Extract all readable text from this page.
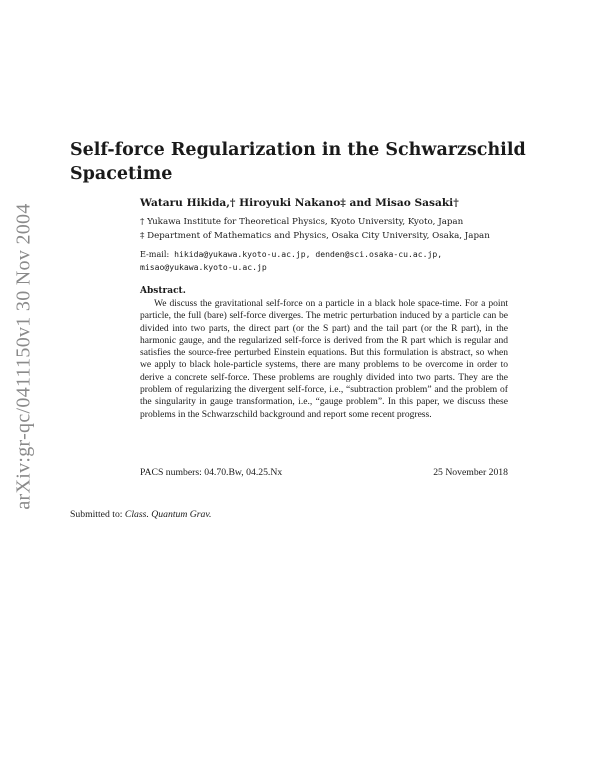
arXiv:gr-qc/0411150v1 30 Nov 2004
Self-force Regularization in the Schwarzschild Spacetime
Wataru Hikida,† Hiroyuki Nakano‡ and Misao Sasaki†
† Yukawa Institute for Theoretical Physics, Kyoto University, Kyoto, Japan
‡ Department of Mathematics and Physics, Osaka City University, Osaka, Japan
E-mail: hikida@yukawa.kyoto-u.ac.jp, denden@sci.osaka-cu.ac.jp,
misao@yukawa.kyoto-u.ac.jp
Abstract.

We discuss the gravitational self-force on a particle in a black hole space-time. For a point particle, the full (bare) self-force diverges. The metric perturbation induced by a particle can be divided into two parts, the direct part (or the S part) and the tail part (or the R part), in the harmonic gauge, and the regularized self-force is derived from the R part which is regular and satisfies the source-free perturbed Einstein equations. But this formulation is abstract, so when we apply to black hole-particle systems, there are many problems to be overcome in order to derive a concrete self-force. These problems are roughly divided into two parts. They are the problem of regularizing the divergent self-force, i.e., “subtraction problem” and the problem of the singularity in gauge transformation, i.e., “gauge problem”. In this paper, we discuss these problems in the Schwarzschild background and report some recent progress.

PACS numbers: 04.70.Bw, 04.25.Nx	25 November 2018
Submitted to: Class. Quantum Grav.
